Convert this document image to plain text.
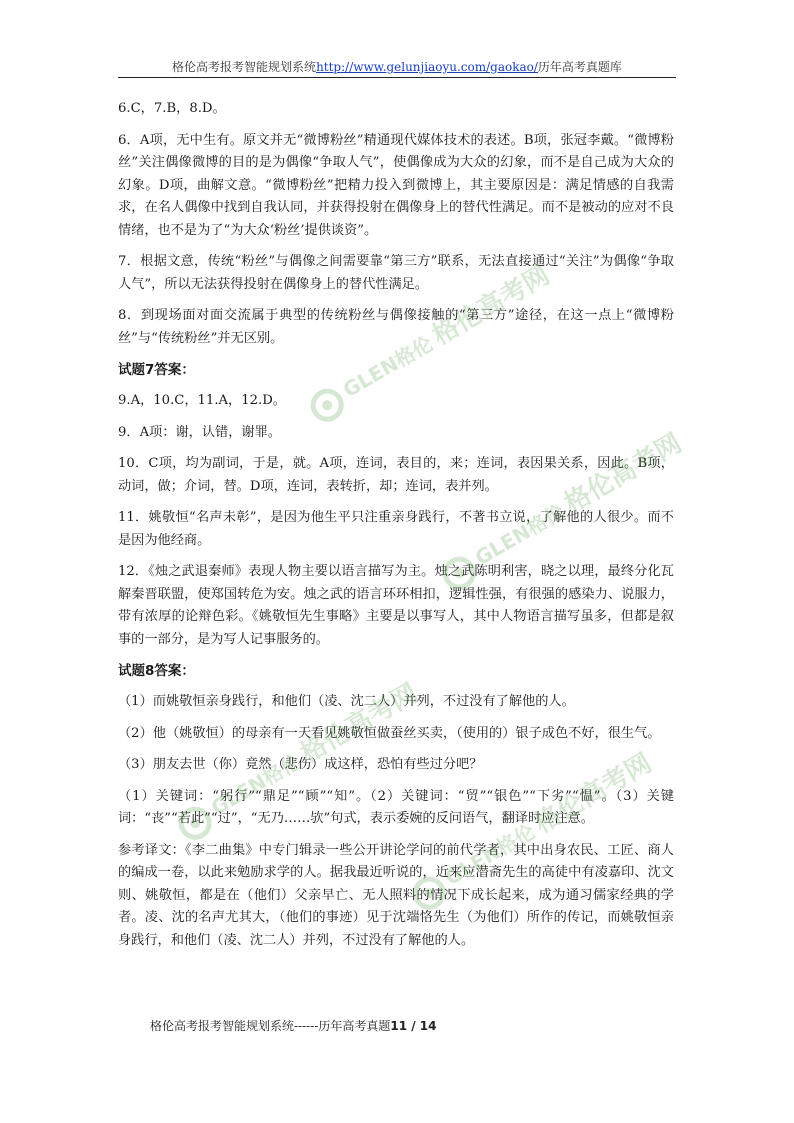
格伦高考报考智能规划系统http://www.gelunjiaoyu.com/gaokao/历年高考真题库

6.C，7.B，8.D。

6．A项，无中生有。原文并无“微博粉丝”精通现代媒体技术的表述。B项，张冠李戴。“微博粉丝”关注偶像微博的目的是为偶像“争取人气”，使偶像成为大众的幻象，而不是自己成为大众的幻象。D项，曲解文意。“微博粉丝”把精力投入到微博上，其主要原因是：满足情感的自我需求，在名人偶像中找到自我认同，并获得投射在偶像身上的替代性满足。而不是被动的应对不良情绪，也不是为了“为大众‘粉丝’提供谈资”。

7．根据文意，传统“粉丝”与偶像之间需要靠“第三方”联系，无法直接通过“关注”为偶像“争取人气”，所以无法获得投射在偶像身上的替代性满足。

8．到现场面对面交流属于典型的传统粉丝与偶像接触的“第三方”途径，在这一点上“微博粉丝”与“传统粉丝”并无区别。

试题7答案：

9.A，10.C，11.A，12.D。

9．A项：谢，认错，谢罪。

10．C项，均为副词，于是，就。A项，连词，表目的，来；连词，表因果关系，因此。B项，动词，做；介词，替。D项，连词，表转折，却；连词，表并列。

11．姚敬恒“名声未彰”，是因为他生平只注重亲身践行，不著书立说，了解他的人很少。而不是因为他经商。

12．《烛之武退秦师》表现人物主要以语言描写为主。烛之武陈明利害，晓之以理，最终分化瓦解秦晋联盟，使郑国转危为安。烛之武的语言环环相扣，逻辑性强，有很强的感染力、说服力，带有浓厚的论辩色彩。《姚敬恒先生事略》主要是以事写人，其中人物语言描写虽多，但都是叙事的一部分，是为写人记事服务的。

试题8答案：

（1）而姚敬恒亲身践行，和他们（凌、沈二人）并列，不过没有了解他的人。

（2）他（姚敬恒）的母亲有一天看见姚敬恒做蚕丝买卖，（使用的）银子成色不好，很生气。

（3）朋友去世（你）竟然（悲伤）成这样，恐怕有些过分吧？

（1）关键词：“躬行”“鼎足”“顾”“知”。（2）关键词：“贸”“银色”“下劣”“愠”。（3）关键词：“丧”“若此”“过”，“无乃……欤”句式，表示委婉的反问语气，翻译时应注意。

参考译文：《李二曲集》中专门辑录一些公开讲论学问的前代学者，其中出身农民、工匠、商人的编成一卷，以此来勉励求学的人。据我最近听说的，近来应潜斋先生的高徒中有凌嘉印、沈文则、姚敬恒，都是在（他们）父亲早亡、无人照料的情况下成长起来，成为通习儒家经典的学者。凌、沈的名声尤其大，（他们的事迹）见于沈端恪先生（为他们）所作的传记，而姚敬恒亲身践行，和他们（凌、沈二人）并列，不过没有了解他的人。

格伦高考报考智能规划系统------历年高考真题11 / 14
GLEN格伦 格伦高考网
GLEN格伦 格伦高考网
GLEN格伦 格伦高考网
GLEN格伦 格伦高考网
